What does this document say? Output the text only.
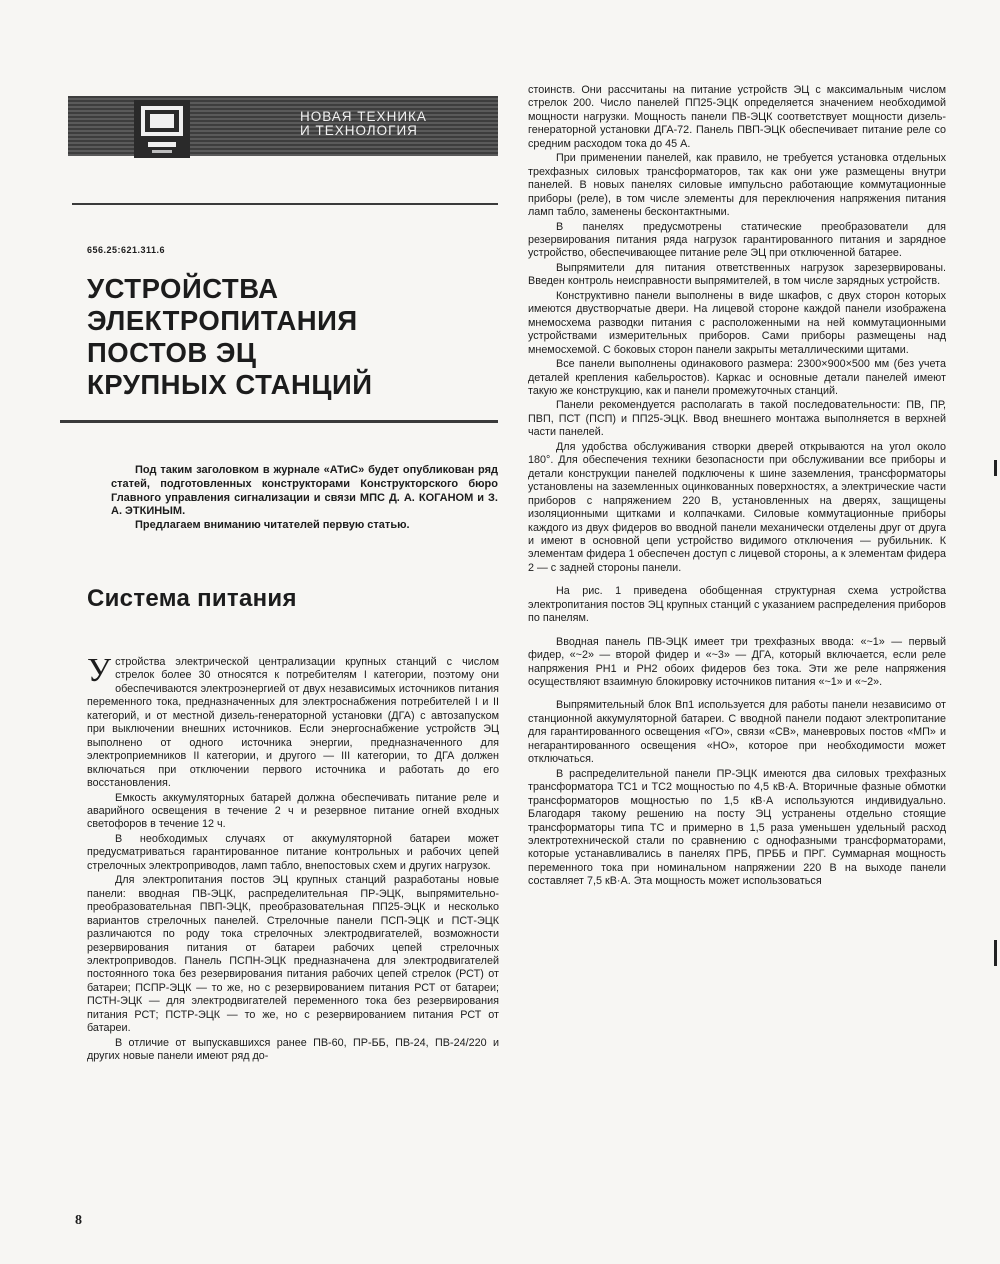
НОВАЯ ТЕХНИКА
И ТЕХНОЛОГИЯ
656.25:621.311.6
УСТРОЙСТВА
ЭЛЕКТРОПИТАНИЯ
ПОСТОВ ЭЦ
КРУПНЫХ СТАНЦИЙ

Под таким заголовком в журнале «АТиС» будет опубликован ряд статей, подготовленных конструкторами Конструкторского бюро Главного управления сигнализации и связи МПС Д. А. КОГАНОМ и З. А. ЭТКИНЫМ.

Предлагаем вниманию читателей первую статью.

Система питания

Устройства электрической централизации крупных станций с числом стрелок более 30 относятся к потребителям I категории, поэтому они обеспечиваются электроэнергией от двух независимых источников питания переменного тока, предназначенных для электроснабжения потребителей I и II категорий, и от местной дизель-генераторной установки (ДГА) с автозапуском при выключении внешних источников. Если энергоснабжение устройств ЭЦ выполнено от одного источника энергии, предназначенного для электроприемников II категории, и другого — III категории, то ДГА должен включаться при отключении первого источника и работать до его восстановления.

Емкость аккумуляторных батарей должна обеспечивать питание реле и аварийного освещения в течение 2 ч и резервное питание огней входных светофоров в течение 12 ч.

В необходимых случаях от аккумуляторной батареи может предусматриваться гарантированное питание контрольных и рабочих цепей стрелочных электроприводов, ламп табло, внепостовых схем и других нагрузок.

Для электропитания постов ЭЦ крупных станций разработаны новые панели: вводная ПВ-ЭЦК, распределительная ПР-ЭЦК, выпрямительно-преобразовательная ПВП-ЭЦК, преобразовательная ПП25-ЭЦК и несколько вариантов стрелочных панелей. Стрелочные панели ПСП-ЭЦК и ПСТ-ЭЦК различаются по роду тока стрелочных электродвигателей, возможности резервирования питания от батареи рабочих цепей стрелочных электроприводов. Панель ПСПН-ЭЦК предназначена для электродвигателей постоянного тока без резервирования питания рабочих цепей стрелок (РСТ) от батареи; ПСПР-ЭЦК — то же, но с резервированием питания РСТ от батареи; ПСТН-ЭЦК — для электродвигателей переменного тока без резервирования питания РСТ; ПСТР-ЭЦК — то же, но с резервированием питания РСТ от батареи.

В отличие от выпускавшихся ранее ПВ-60, ПР-ББ, ПВ-24, ПВ-24/220 и других новые панели имеют ряд до-

стоинств. Они рассчитаны на питание устройств ЭЦ с максимальным числом стрелок 200. Число панелей ПП25-ЭЦК определяется значением необходимой мощности нагрузки. Мощность панели ПВ-ЭЦК соответствует мощности дизель-генераторной установки ДГА-72. Панель ПВП-ЭЦК обеспечивает питание реле со средним расходом тока до 45 А.

При применении панелей, как правило, не требуется установка отдельных трехфазных силовых трансформаторов, так как они уже размещены внутри панелей. В новых панелях силовые импульсно работающие коммутационные приборы (реле), в том числе элементы для переключения напряжения питания ламп табло, заменены бесконтактными.

В панелях предусмотрены статические преобразователи для резервирования питания ряда нагрузок гарантированного питания и зарядное устройство, обеспечивающее питание реле ЭЦ при отключенной батарее.

Выпрямители для питания ответственных нагрузок зарезервированы. Введен контроль неисправности выпрямителей, в том числе зарядных устройств.

Конструктивно панели выполнены в виде шкафов, с двух сторон которых имеются двустворчатые двери. На лицевой стороне каждой панели изображена мнемосхема разводки питания с расположенными на ней коммутационными устройствами измерительных приборов. Сами приборы размещены над мнемосхемой. С боковых сторон панели закрыты металлическими щитами.

Все панели выполнены одинакового размера: 2300×900×500 мм (без учета деталей крепления кабельростов). Каркас и основные детали панелей имеют такую же конструкцию, как и панели промежуточных станций.

Панели рекомендуется располагать в такой последовательности: ПВ, ПР, ПВП, ПСТ (ПСП) и ПП25-ЭЦК. Ввод внешнего монтажа выполняется в верхней части панелей.

Для удобства обслуживания створки дверей открываются на угол около 180°. Для обеспечения техники безопасности при обслуживании все приборы и детали конструкции панелей подключены к шине заземления, трансформаторы установлены на заземленных оцинкованных поверхностях, а электрические части приборов с напряжением 220 В, установленных на дверях, защищены изоляционными щитками и колпачками. Силовые коммутационные приборы каждого из двух фидеров во вводной панели механически отделены друг от друга и имеют в основной цепи устройство видимого отключения — рубильник. К элементам фидера 1 обеспечен доступ с лицевой стороны, а к элементам фидера 2 — с задней стороны панели.

На рис. 1 приведена обобщенная структурная схема устройства электропитания постов ЭЦ крупных станций с указанием распределения приборов по панелям.

Вводная панель ПВ-ЭЦК имеет три трехфазных ввода: «~1» — первый фидер, «~2» — второй фидер и «~3» — ДГА, который включается, если реле напряжения РН1 и РН2 обоих фидеров без тока. Эти же реле напряжения осуществляют взаимную блокировку источников питания «~1» и «~2».

Выпрямительный блок Вп1 используется для работы панели независимо от станционной аккумуляторной батареи. С вводной панели подают электропитание для гарантированного освещения «ГО», связи «СВ», маневровых постов «МП» и негарантированного освещения «НО», которое при необходимости может отключаться.

В распределительной панели ПР-ЭЦК имеются два силовых трехфазных трансформатора ТС1 и ТС2 мощностью по 4,5 кВ·А. Вторичные фазные обмотки трансформаторов мощностью по 1,5 кВ·А используются индивидуально. Благодаря такому решению на посту ЭЦ устранены отдельно стоящие трансформаторы типа ТС и примерно в 1,5 раза уменьшен удельный расход электротехнической стали по сравнению с однофазными трансформаторами, которые устанавливались в панелях ПРБ, ПРББ и ПРГ. Суммарная мощность переменного тока при номинальном напряжении 220 В на выходе панели составляет 7,5 кВ·А. Эта мощность может использоваться

8
